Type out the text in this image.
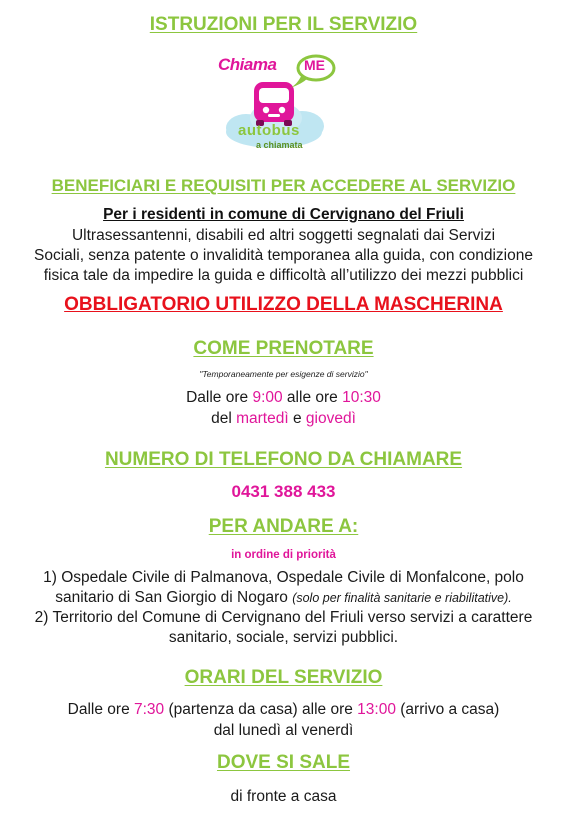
ISTRUZIONI PER IL SERVIZIO
Chiama ME
autobus
a chiamata
BENEFICIARI E REQUISITI PER ACCEDERE AL SERVIZIO
Per i residenti in comune di Cervignano del Friuli
Ultrasessantenni, disabili ed altri soggetti segnalati dai Servizi
Sociali, senza patente o invalidità temporanea alla guida, con condizione
fisica tale da impedire la guida e difficoltà all’utilizzo dei mezzi pubblici
OBBLIGATORIO UTILIZZO DELLA MASCHERINA
COME PRENOTARE
"Temporaneamente per esigenze di servizio"
Dalle ore 9:00 alle ore 10:30
del martedì e giovedì
NUMERO DI TELEFONO DA CHIAMARE
0431 388 433
PER ANDARE A:
in ordine di priorità
1) Ospedale Civile di Palmanova, Ospedale Civile di Monfalcone, polo
sanitario di San Giorgio di Nogaro (solo per finalità sanitarie e riabilitative).
2) Territorio del Comune di Cervignano del Friuli verso servizi a carattere
sanitario, sociale, servizi pubblici.
ORARI DEL SERVIZIO
Dalle ore 7:30 (partenza da casa) alle ore 13:00 (arrivo a casa)
dal lunedì al venerdì
DOVE SI SALE
di fronte a casa
